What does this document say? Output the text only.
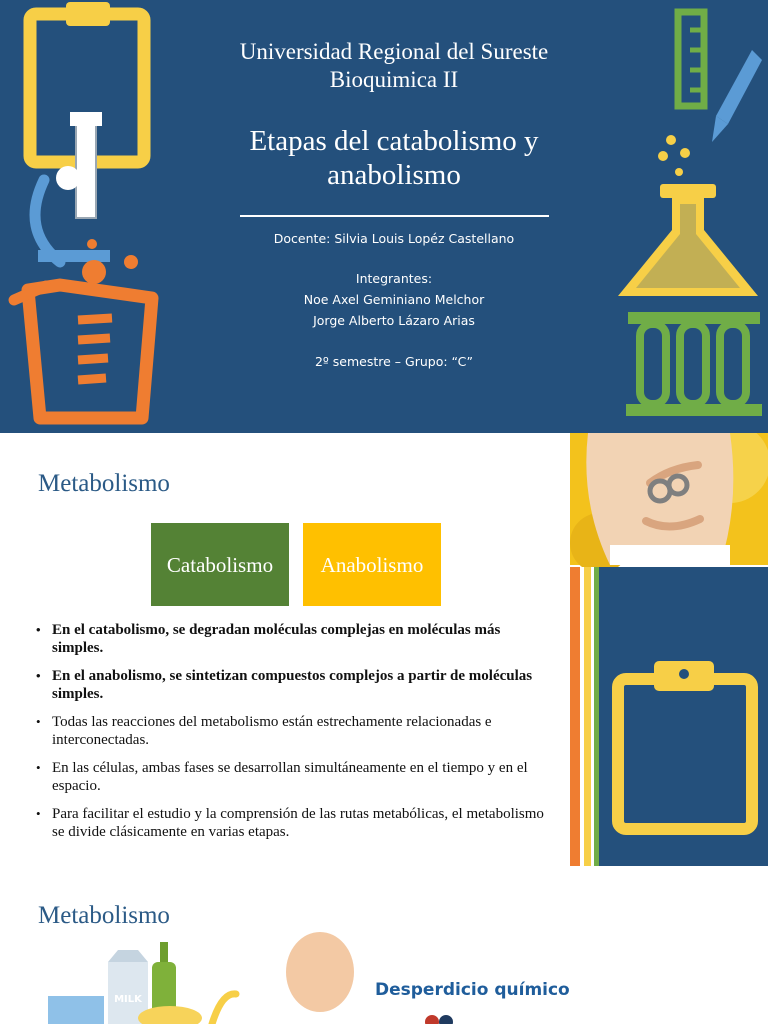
Universidad Regional del Sureste
Bioquimica II
Etapas del catabolismo y
anabolismo
Docente: Silvia Louis Lopéz Castellano
Integrantes:
Noe Axel Geminiano Melchor
Jorge Alberto Lázaro Arias
2º semestre – Grupo: “C”
Metabolismo
Catabolismo	Anabolismo
• En el catabolismo, se degradan moléculas complejas en moléculas más simples.
• En el anabolismo, se sintetizan compuestos complejos a partir de moléculas simples.
• Todas las reacciones del metabolismo están estrechamente relacionadas e interconectadas.
• En las células, ambas fases se desarrollan simultáneamente en el tiempo y en el espacio.
• Para facilitar el estudio y la comprensión de las rutas metabólicas, el metabolismo se divide clásicamente en varias etapas.
Metabolismo
MILK	Desperdicio químico
